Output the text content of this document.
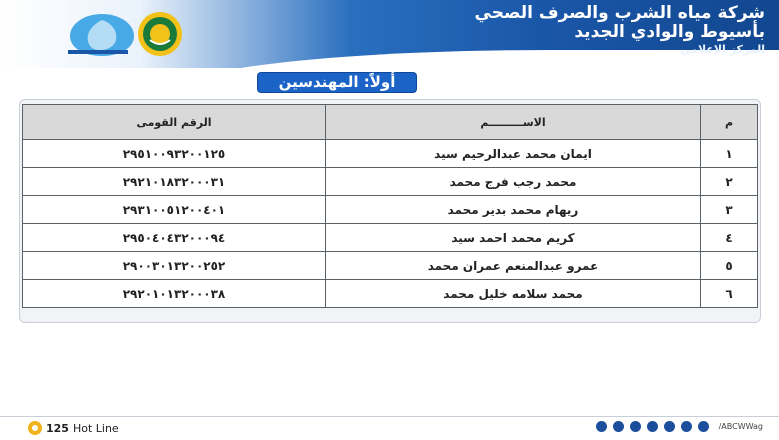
شركة مياه الشرب والصرف الصحي
بأسيوط والوادي الجديد
المركز الإعلامي
أولاً: المهندسين
م	الاســـــــــم	الرقم القومى
١	ايمان محمد عبدالرحيم سيد	٢٩٥١٠٠٩٣٢٠٠١٢٥
٢	محمد رجب فرج محمد	٢٩٢١٠١٨٣٢٠٠٠٣١
٣	ريهام محمد بدير محمد	٢٩٣١٠٠٥١٢٠٠٤٠١
٤	كريم محمد احمد سيد	٢٩٥٠٤٠٤٣٢٠٠٠٩٤
٥	عمرو عبدالمنعم عمران محمد	٢٩٠٠٣٠١٣٢٠٠٢٥٢
٦	محمد سلامه خليل محمد	٢٩٢٠١٠١٣٢٠٠٠٣٨
125 Hot Line	/ABCWWag
